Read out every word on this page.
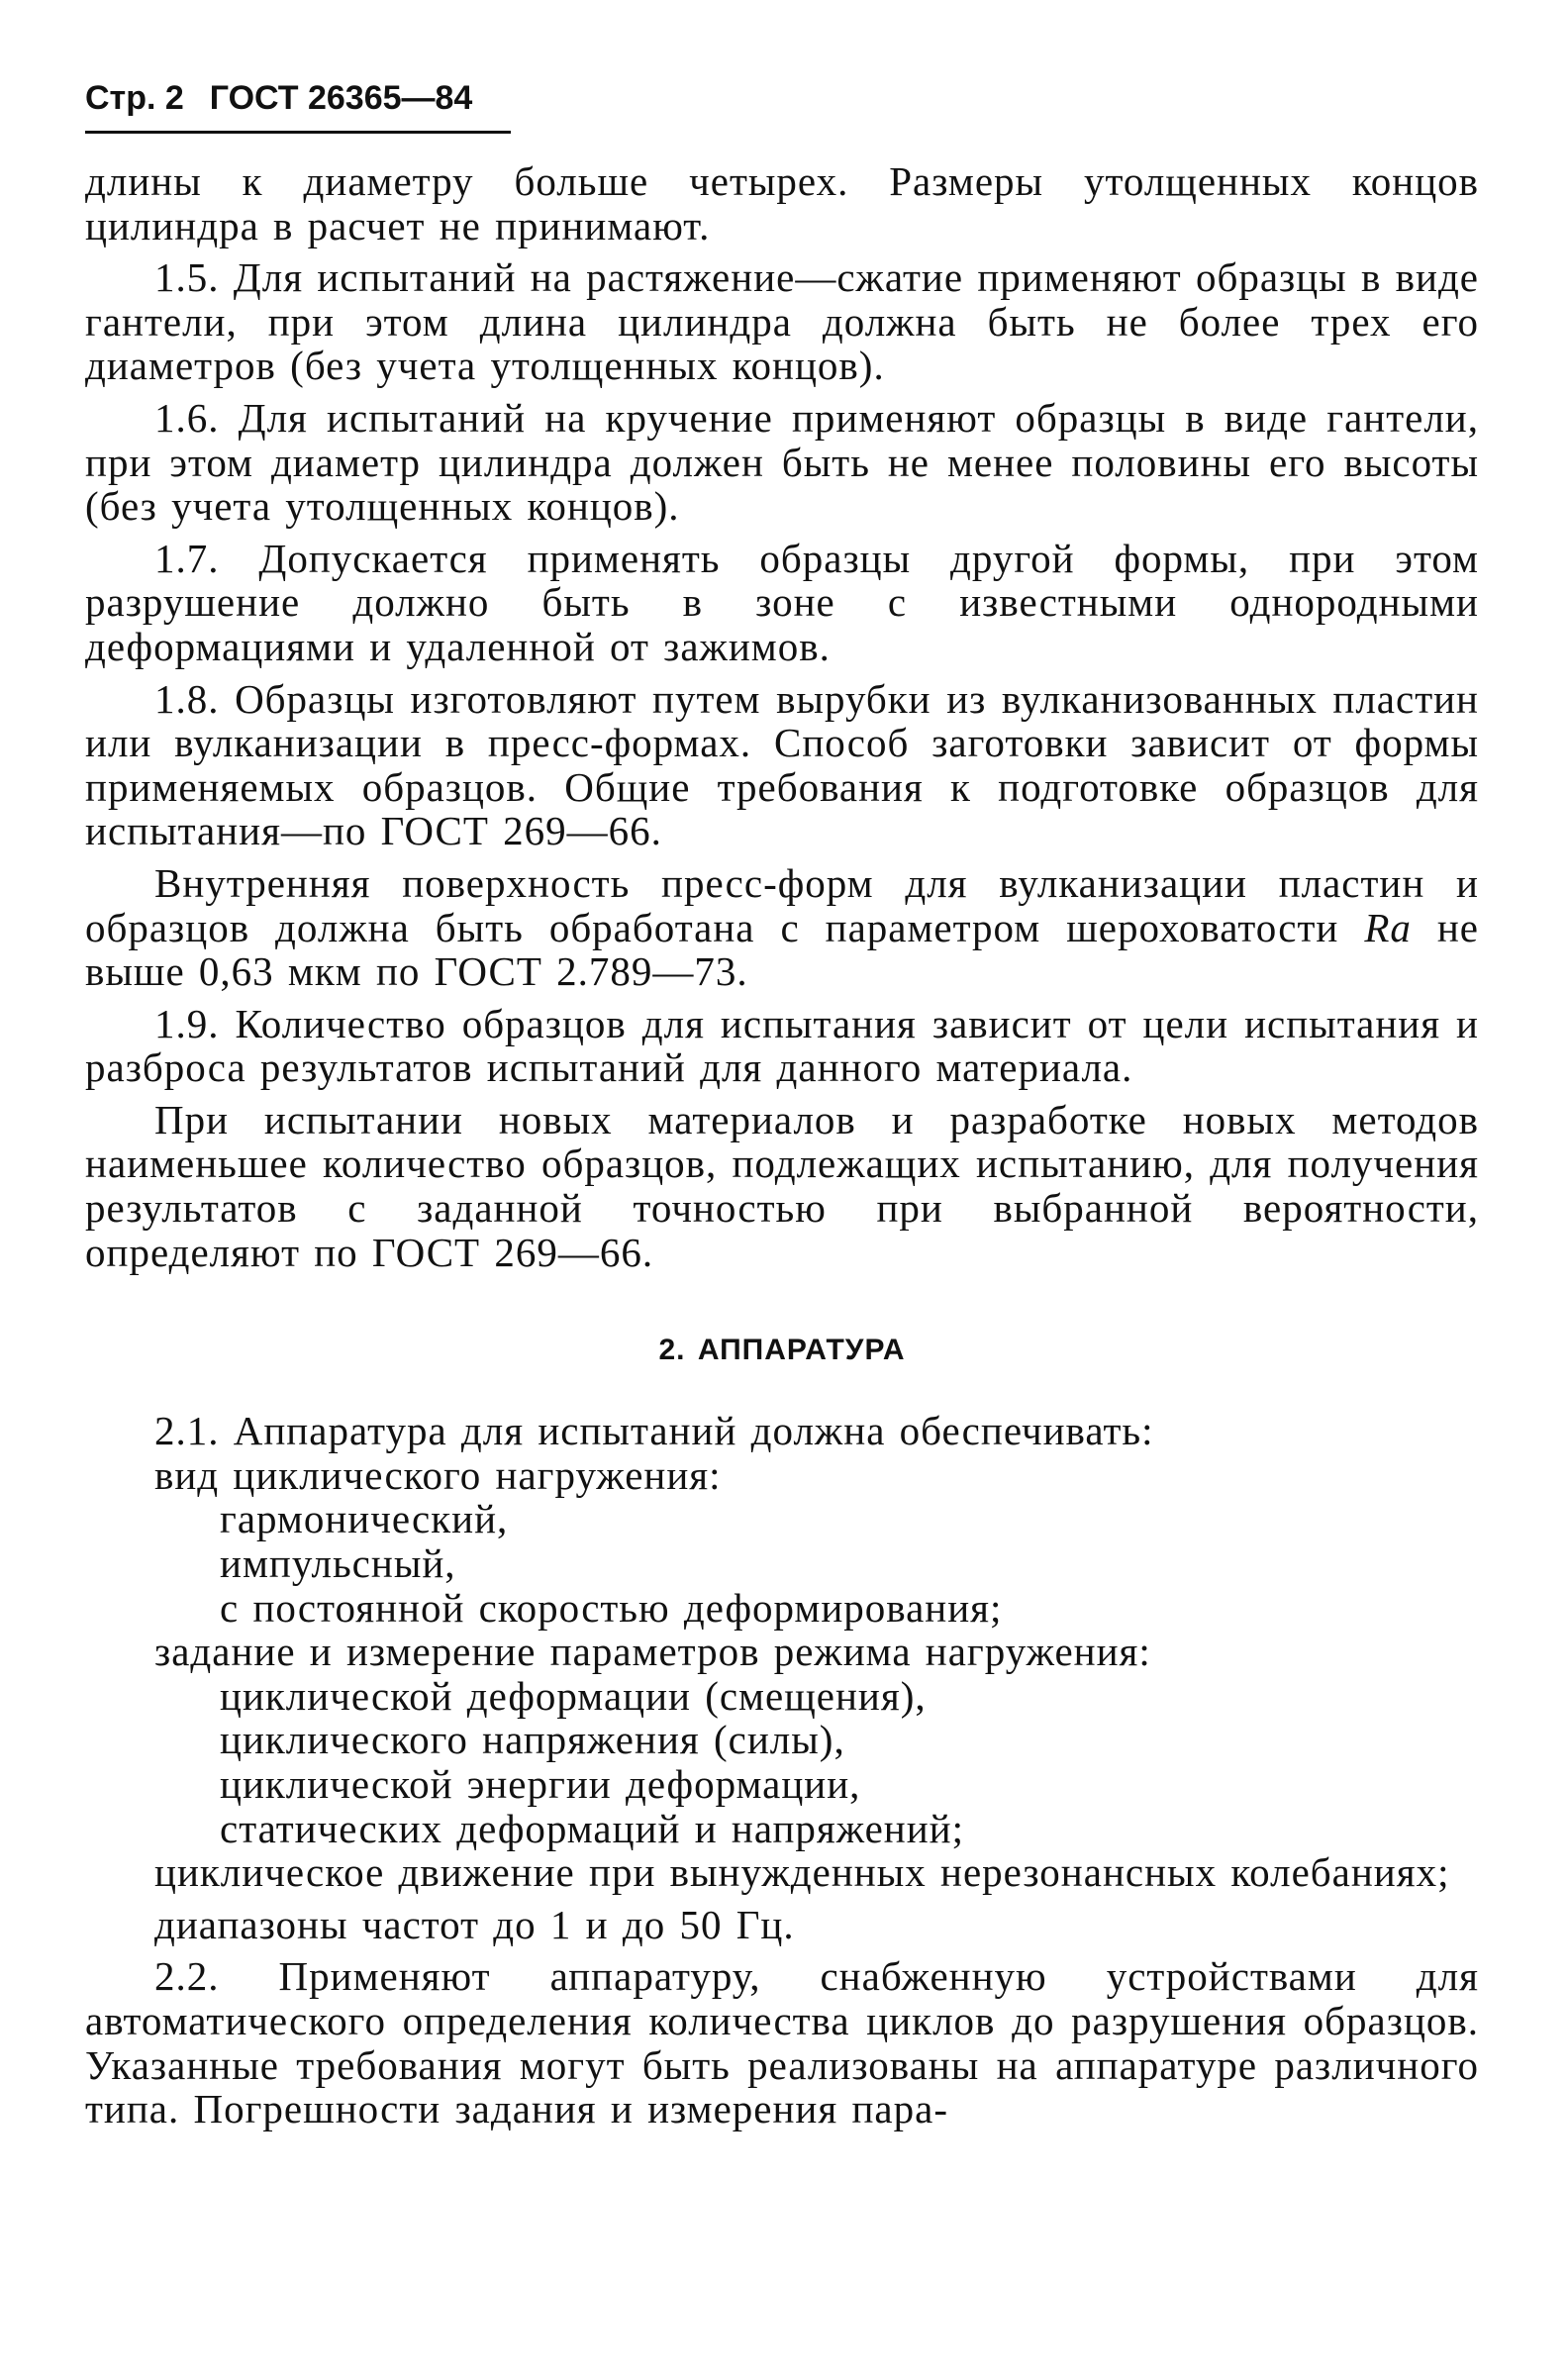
Стр. 2 ГОСТ 26365—84

длины к диаметру больше четырех. Размеры утолщенных концов цилиндра в расчет не принимают.

1.5. Для испытаний на растяжение—сжатие применяют образцы в виде гантели, при этом длина цилиндра должна быть не более трех его диаметров (без учета утолщенных концов).

1.6. Для испытаний на кручение применяют образцы в виде гантели, при этом диаметр цилиндра должен быть не менее половины его высоты (без учета утолщенных концов).

1.7. Допускается применять образцы другой формы, при этом разрушение должно быть в зоне с известными однородными деформациями и удаленной от зажимов.

1.8. Образцы изготовляют путем вырубки из вулканизованных пластин или вулканизации в пресс-формах. Способ заготовки зависит от формы применяемых образцов. Общие требования к подготовке образцов для испытания—по ГОСТ 269—66.

Внутренняя поверхность пресс-форм для вулканизации пластин и образцов должна быть обработана с параметром шероховатости Ra не выше 0,63 мкм по ГОСТ 2.789—73.

1.9. Количество образцов для испытания зависит от цели испытания и разброса результатов испытаний для данного материала.

При испытании новых материалов и разработке новых методов наименьшее количество образцов, подлежащих испытанию, для получения результатов с заданной точностью при выбранной вероятности, определяют по ГОСТ 269—66.

2. АППАРАТУРА

2.1. Аппаратура для испытаний должна обеспечивать:

вид циклического нагружения:

гармонический,

импульсный,

с постоянной скоростью деформирования;

задание и измерение параметров режима нагружения:

циклической деформации (смещения),

циклического напряжения (силы),

циклической энергии деформации,

статических деформаций и напряжений;

циклическое движение при вынужденных нерезонансных колебаниях;

диапазоны частот до 1 и до 50 Гц.

2.2. Применяют аппаратуру, снабженную устройствами для автоматического определения количества циклов до разрушения образцов. Указанные требования могут быть реализованы на аппаратуре различного типа. Погрешности задания и измерения пара-
